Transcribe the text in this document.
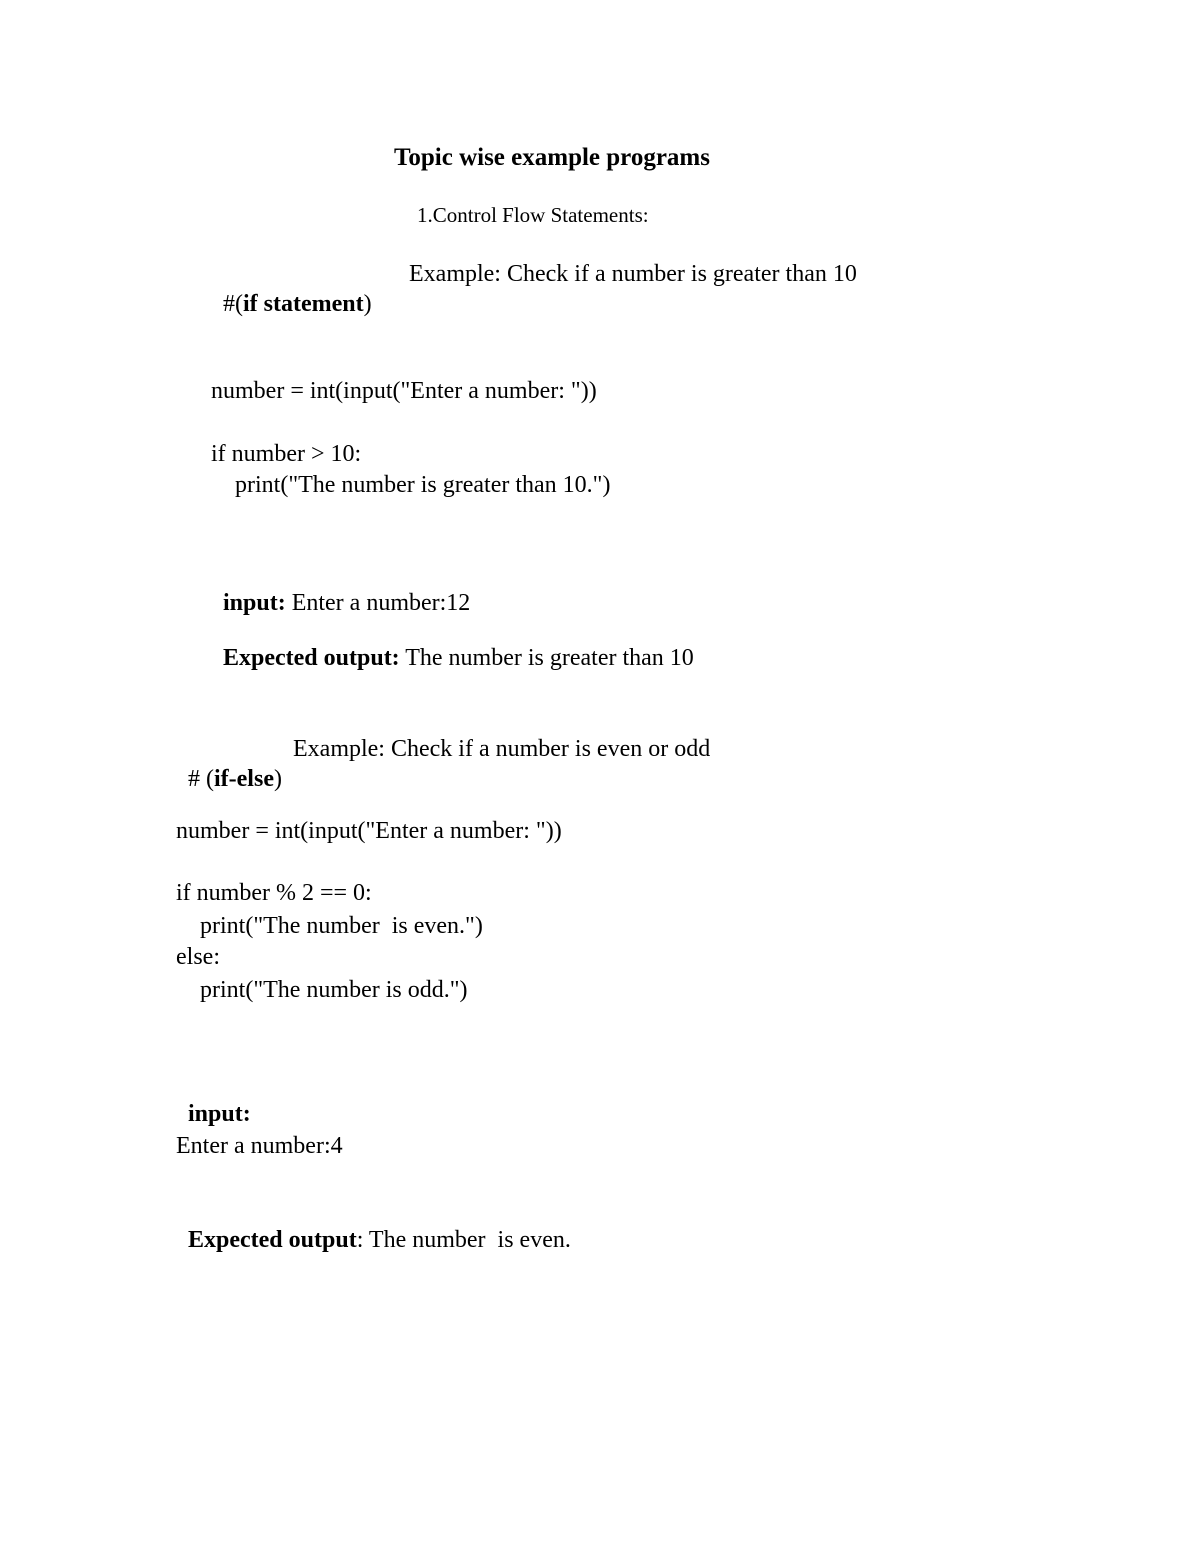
Topic wise example programs
1.Control Flow Statements:

#(if statement)

Example: Check if a number is greater than 10
number = int(input("Enter a number: "))
if number > 10:
print("The number is greater than 10.")

input: Enter a number:12

Expected output: The number is greater than 10

# (if-else)

Example: Check if a number is even or odd
number = int(input("Enter a number: "))
if number % 2 == 0:
print("The number  is even.")
else:
print("The number is odd.")

input:

Enter a number:4

Expected output: The number  is even.
